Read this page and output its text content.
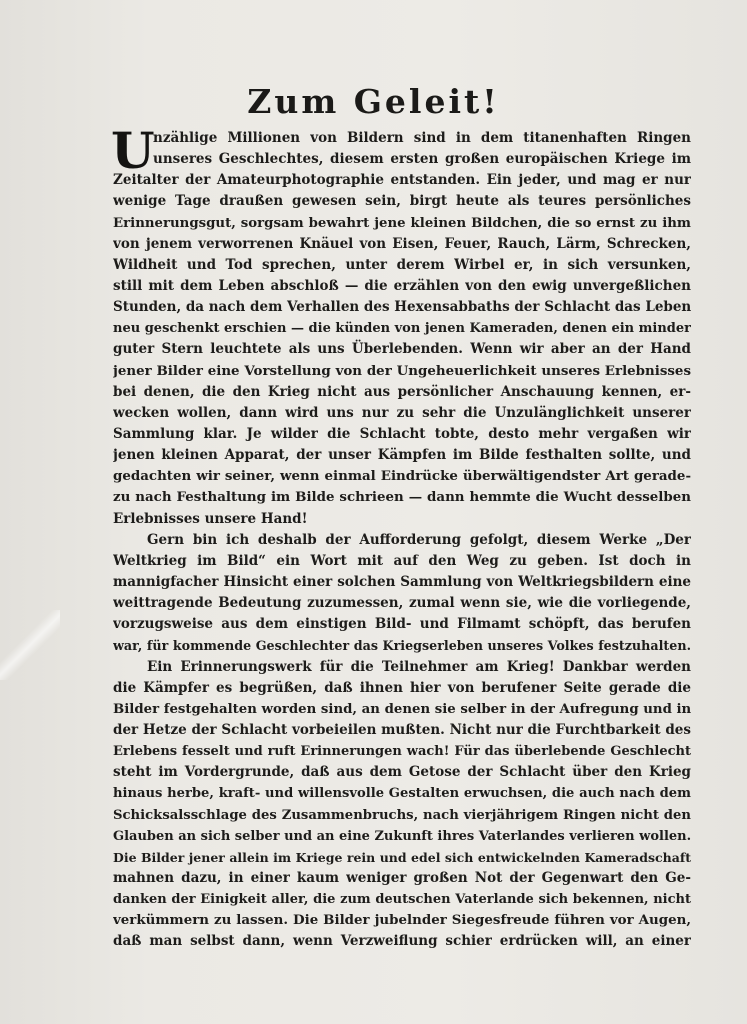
Zum Geleit!
U
nzählige Millionen von Bildern sind in dem titanenhaften Ringen
unseres Geschlechtes, diesem ersten großen europäischen Kriege im
Zeitalter der Amateurphotographie entstanden. Ein jeder, und mag er nur
wenige Tage draußen gewesen sein, birgt heute als teures persönliches
Erinnerungsgut, sorgsam bewahrt jene kleinen Bildchen, die so ernst zu ihm
von jenem verworrenen Knäuel von Eisen, Feuer, Rauch, Lärm, Schrecken,
Wildheit und Tod sprechen, unter derem Wirbel er, in sich versunken,
still mit dem Leben abschloß — die erzählen von den ewig unvergeßlichen
Stunden, da nach dem Verhallen des Hexensabbaths der Schlacht das Leben
neu geschenkt erschien — die künden von jenen Kameraden, denen ein minder
guter Stern leuchtete als uns Überlebenden. Wenn wir aber an der Hand
jener Bilder eine Vorstellung von der Ungeheuerlichkeit unseres Erlebnisses
bei denen, die den Krieg nicht aus persönlicher Anschauung kennen, er-
wecken wollen, dann wird uns nur zu sehr die Unzulänglichkeit unserer
Sammlung klar. Je wilder die Schlacht tobte, desto mehr vergaßen wir
jenen kleinen Apparat, der unser Kämpfen im Bilde festhalten sollte, und
gedachten wir seiner, wenn einmal Eindrücke überwältigendster Art gerade-
zu nach Festhaltung im Bilde schrieen — dann hemmte die Wucht desselben
Erlebnisses unsere Hand!
Gern bin ich deshalb der Aufforderung gefolgt, diesem Werke „Der
Weltkrieg im Bild“ ein Wort mit auf den Weg zu geben. Ist doch in
mannigfacher Hinsicht einer solchen Sammlung von Weltkriegsbildern eine
weittragende Bedeutung zuzumessen, zumal wenn sie, wie die vorliegende,
vorzugsweise aus dem einstigen Bild- und Filmamt schöpft, das berufen
war, für kommende Geschlechter das Kriegserleben unseres Volkes festzuhalten.
Ein Erinnerungswerk für die Teilnehmer am Krieg! Dankbar werden
die Kämpfer es begrüßen, daß ihnen hier von berufener Seite gerade die
Bilder festgehalten worden sind, an denen sie selber in der Aufregung und in
der Hetze der Schlacht vorbeieilen mußten. Nicht nur die Furchtbarkeit des
Erlebens fesselt und ruft Erinnerungen wach! Für das überlebende Geschlecht
steht im Vordergrunde, daß aus dem Getose der Schlacht über den Krieg
hinaus herbe, kraft- und willensvolle Gestalten erwuchsen, die auch nach dem
Schicksalsschlage des Zusammenbruchs, nach vierjährigem Ringen nicht den
Glauben an sich selber und an eine Zukunft ihres Vaterlandes verlieren wollen.
Die Bilder jener allein im Kriege rein und edel sich entwickelnden Kameradschaft
mahnen dazu, in einer kaum weniger großen Not der Gegenwart den Ge-
danken der Einigkeit aller, die zum deutschen Vaterlande sich bekennen, nicht
verkümmern zu lassen. Die Bilder jubelnder Siegesfreude führen vor Augen,
daß man selbst dann, wenn Verzweiflung schier erdrücken will, an einer
